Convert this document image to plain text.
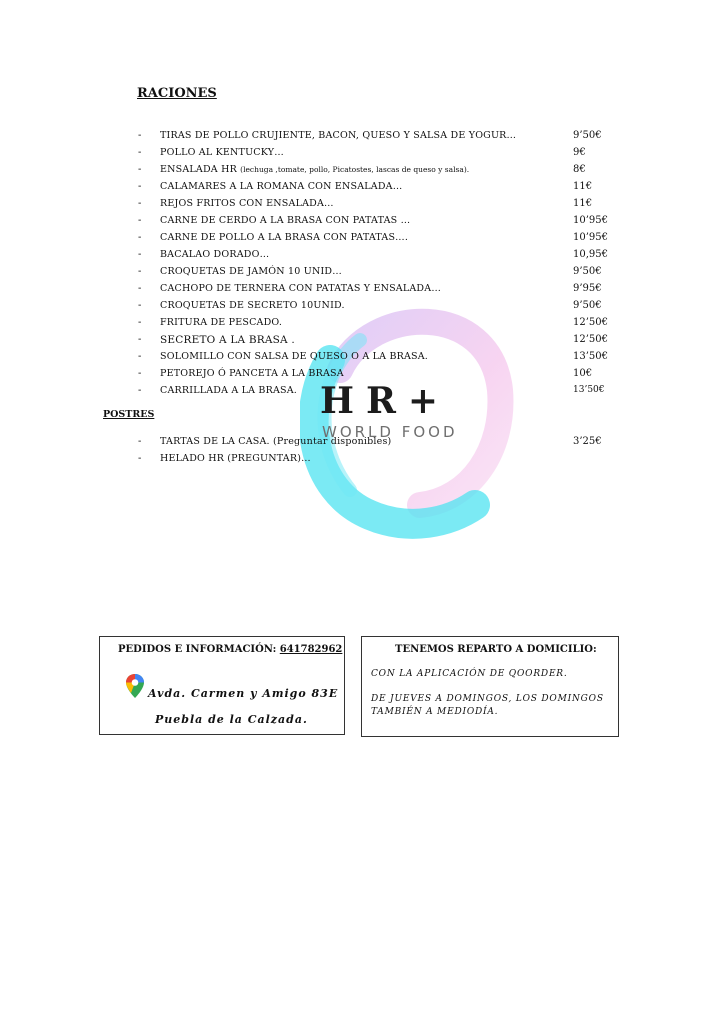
HR+
WORLD FOOD
RACIONES
- TIRAS DE POLLO CRUJIENTE, BACON, QUESO Y SALSA DE YOGUR…	9’50€
- POLLO AL KENTUCKY…	9€
- ENSALADA HR (lechuga ,tomate, pollo, Picatostes, lascas de queso y salsa).	8€
- CALAMARES A LA ROMANA CON ENSALADA…	11€
- REJOS FRITOS CON ENSALADA…	11€
- CARNE DE CERDO A LA BRASA CON PATATAS …	10’95€
- CARNE DE POLLO A LA BRASA CON PATATAS….	10’95€
- BACALAO DORADO…	10,95€
- CROQUETAS DE JAMÓN 10 UNID…	9’50€
- CACHOPO DE TERNERA CON PATATAS Y ENSALADA…	9’95€
- CROQUETAS DE SECRETO 10UNID.	9’50€
- FRITURA DE PESCADO.	12’50€
- SECRETO A LA BRASA .	12’50€
- SOLOMILLO CON SALSA DE QUESO O A LA BRASA.	13’50€
- PETOREJO Ó PANCETA A LA BRASA	10€
- CARRILLADA A LA BRASA.	13’50€
POSTRES
- TARTAS DE LA CASA. (Preguntar disponibles)	3’25€
- HELADO HR (PREGUNTAR)…
PEDIDOS E INFORMACIÓN: 641782962
Avda. Carmen y Amigo 83E
Puebla de la Calzada.
TENEMOS REPARTO A DOMICILIO:
CON LA APLICACIÓN DE QOORDER.
DE JUEVES A DOMINGOS, LOS DOMINGOS TAMBIÉN A MEDIODÍA.
